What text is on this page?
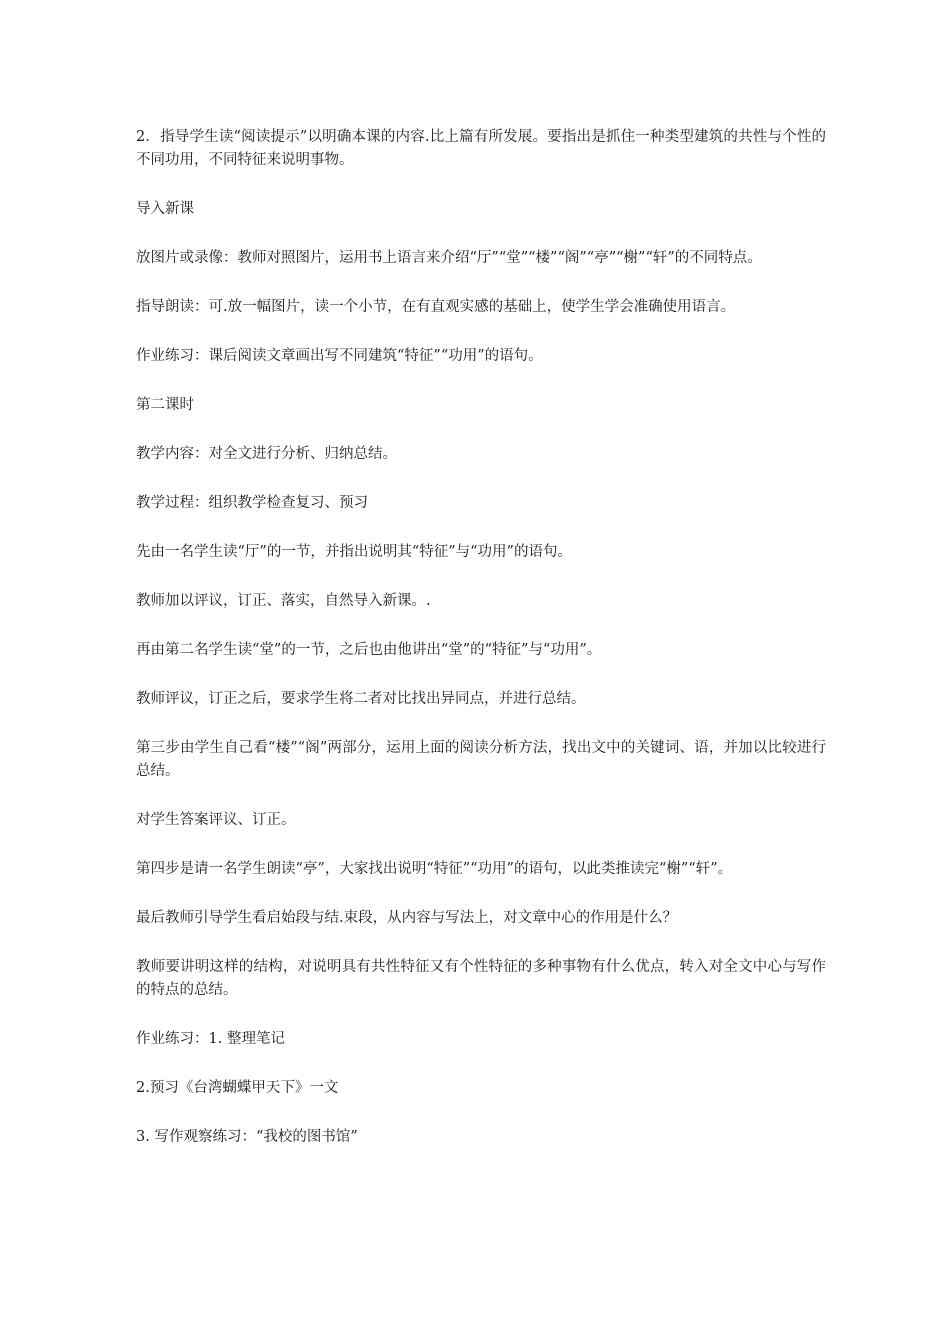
2．指导学生读“阅读提示”以明确本课的内容.比上篇有所发展。要指出是抓住一种类型建筑的共性与个性的不同功用，不同特征来说明事物。

导入新课

放图片或录像：教师对照图片，运用书上语言来介绍“厅”“堂”“楼”“阁”“亭”“榭”“轩”的不同特点。

指导朗读：可.放一幅图片，读一个小节，在有直观实感的基础上，使学生学会准确使用语言。

作业练习：课后阅读文章画出写不同建筑“特征”“功用”的语句。

第二课时

教学内容：对全文进行分析、归纳总结。

教学过程：组织教学检查复习、预习

先由一名学生读“厅”的一节，并指出说明其“特征”与“功用”的语句。

教师加以评议，订正、落实，自然导入新课。.

再由第二名学生读“堂”的一节，之后也由他讲出“堂”的“特征”与“功用”。

教师评议，订正之后，要求学生将二者对比找出异同点，并进行总结。

第三步由学生自己看“楼”“阁”两部分，运用上面的阅读分析方法，找出文中的关键词、语，并加以比较进行总结。

对学生答案评议、订正。

第四步是请一名学生朗读“亭”，大家找出说明“特征”“功用”的语句，以此类推读完“榭”“轩”。

最后教师引导学生看启始段与结.束段，从内容与写法上，对文章中心的作用是什么？

教师要讲明这样的结构，对说明具有共性特征又有个性特征的多种事物有什么优点，转入对全文中心与写作的特点的总结。

作业练习：1. 整理笔记

2.预习《台湾蝴蝶甲天下》一文

3. 写作观察练习：“我校的图书馆”
